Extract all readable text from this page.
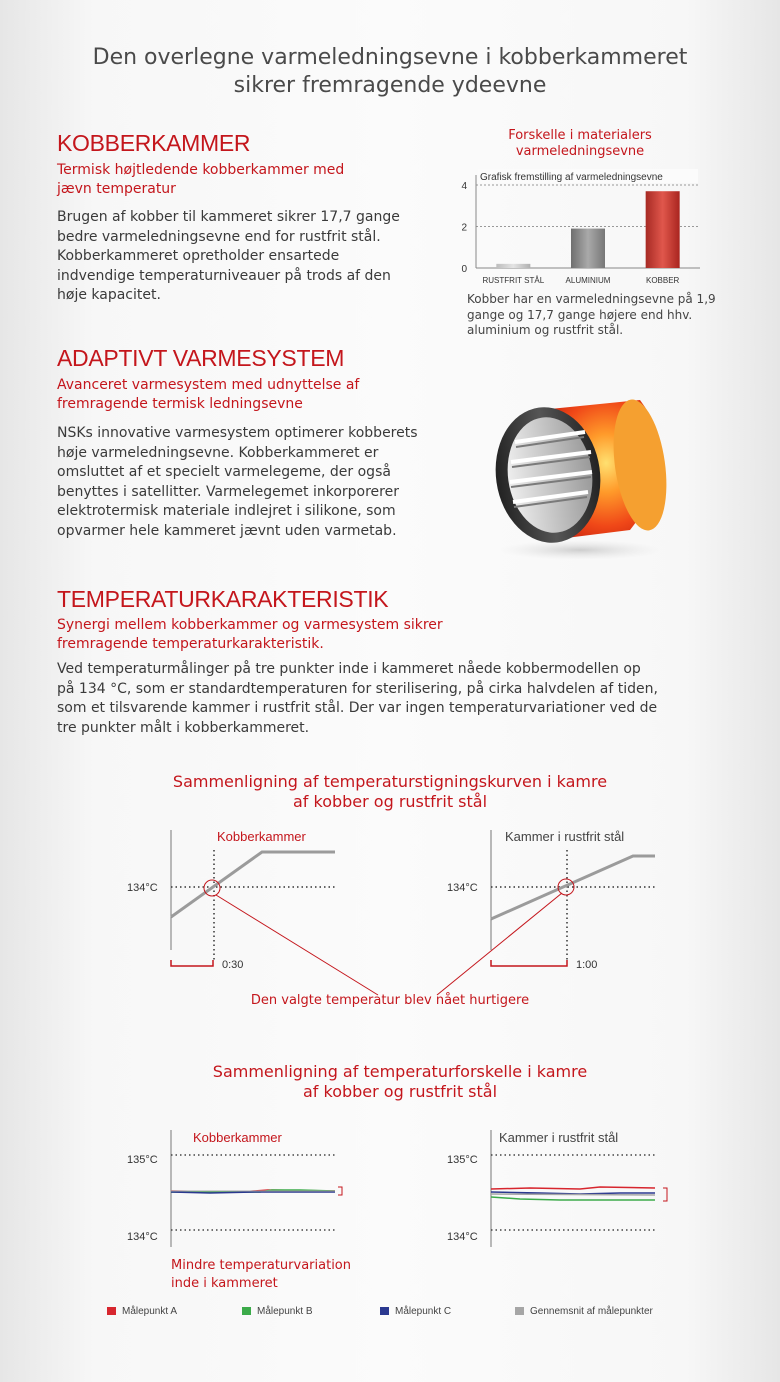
Den overlegne varmeledningsevne i kobberkammeret
sikrer fremragende ydeevne
KOBBERKAMMER
Termisk højtledende kobberkammer med
jævn temperatur
Brugen af kobber til kammeret sikrer 17,7 gange
bedre varmeledningsevne end for rustfrit stål.
Kobberkammeret opretholder ensartede
indvendige temperaturniveauer på trods af den
høje kapacitet.
Forskelle i materialers
varmeledningsevne
Grafisk fremstilling af varmeledningsevne
0
2
4
RUSTFRIT STÅL	ALUMINIUM	KOBBER
Kobber har en varmeledningsevne på 1,9
gange og 17,7 gange højere end hhv.
aluminium og rustfrit stål.
ADAPTIVT VARMESYSTEM
Avanceret varmesystem med udnyttelse af
fremragende termisk ledningsevne
NSKs innovative varmesystem optimerer kobberets
høje varmeledningsevne. Kobberkammeret er
omsluttet af et specielt varmelegeme, der også
benyttes i satellitter. Varmelegemet inkorporerer
elektrotermisk materiale indlejret i silikone, som
opvarmer hele kammeret jævnt uden varmetab.
TEMPERATURKARAKTERISTIK
Synergi mellem kobberkammer og varmesystem sikrer
fremragende temperaturkarakteristik.
Ved temperaturmålinger på tre punkter inde i kammeret nåede kobbermodellen op
på 134 °C, som er standardtemperaturen for sterilisering, på cirka halvdelen af tiden,
som et tilsvarende kammer i rustfrit stål. Der var ingen temperaturvariationer ved de
tre punkter målt i kobberkammeret.
Sammenligning af temperaturstigningskurven i kamre
af kobber og rustfrit stål
134°C
Kobberkammer
0:30
134°C
Kammer i rustfrit stål
1:00
Den valgte temperatur blev nået hurtigere
Sammenligning af temperaturforskelle i kamre
af kobber og rustfrit stål
135°C
134°C
Kobberkammer
135°C
134°C
Kammer i rustfrit stål
Mindre temperaturvariation
inde i kammeret
Målepunkt A	Målepunkt B	Målepunkt C	Gennemsnit af målepunkter
